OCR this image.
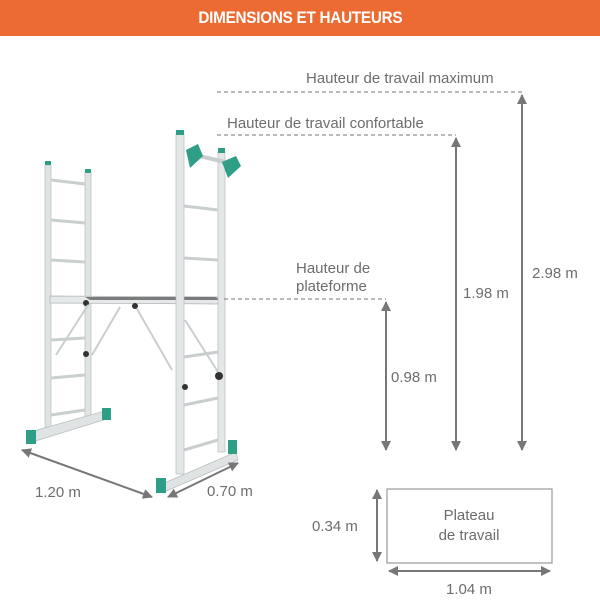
DIMENSIONS ET HAUTEURS
1.20 m	0.70 m
Hauteur de travail maximum
Hauteur de travail confortable
Hauteur de
plateforme
2.98 m
1.98 m
0.98 m
Plateau
de travail
0.34 m
1.04 m
